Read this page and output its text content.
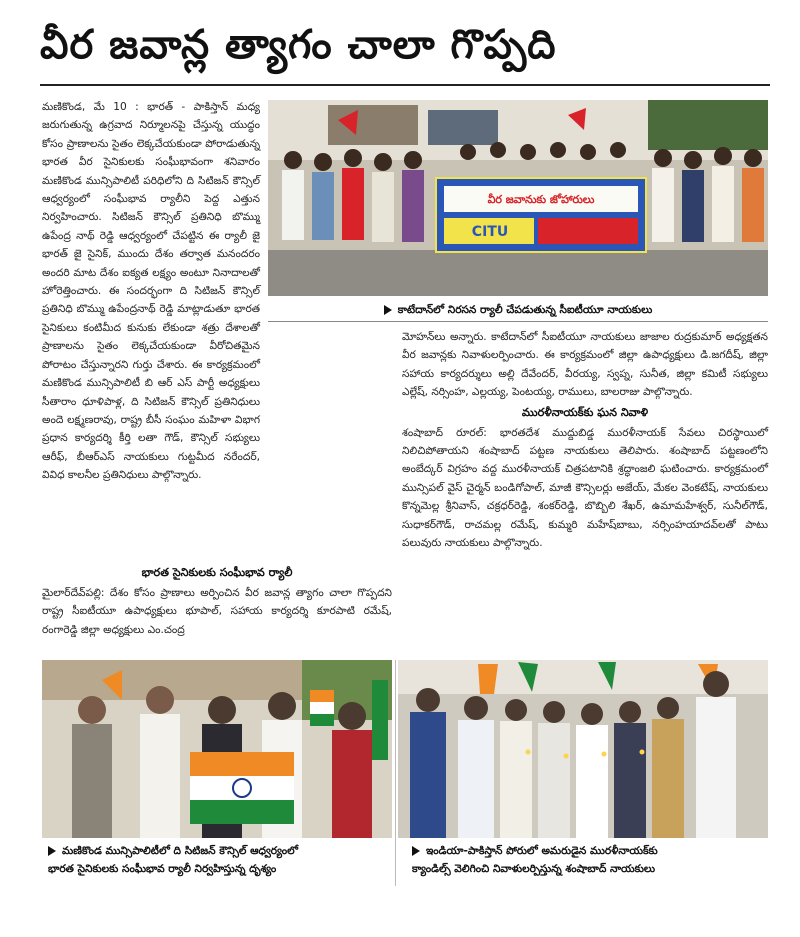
వీర జవాన్ల త్యాగం చాలా గొప్పది

మణికొండ, మే 10 : భారత్ - పాకిస్తాన్ మధ్య జరుగుతున్న ఉగ్రవాద నిర్మూలనపై చేస్తున్న యుద్ధం కోసం ప్రాణాలను సైతం లెక్కచేయకుండా పోరాడుతున్న భారత వీర సైనికులకు సంఘీభావంగా శనివారం మణికొండ మున్సిపాలిటీ పరిధిలోని ది సిటిజన్ కౌన్సిల్ ఆధ్వర్యంలో సంఘీభావ ర్యాలీని పెద్ద ఎత్తున నిర్వహించారు. సిటిజన్ కౌన్సిల్ ప్రతినిధి బొమ్ము ఉపేంద్ర నాథ్ రెడ్డి ఆధ్వర్యంలో చేపట్టిన ఈ ర్యాలీ జై భారత్ జై సైనిక్, ముందు దేశం తర్వాత మనందరం అందరి మాట దేశం ఐక్యత లక్ష్యం అంటూ నినాదాలతో హోరెత్తించారు. ఈ సందర్భంగా ది సిటిజన్ కౌన్సిల్ ప్రతినిధి బొమ్ము ఉపేంద్రనాథ్ రెడ్డి మాట్లాడుతూ భారత సైనికులు కంటిమీద కునుకు లేకుండా శత్రు దేశాలతో ప్రాణాలను సైతం లెక్కచేయకుండా వీరోచితమైన పోరాటం చేస్తున్నారని గుర్తు చేశారు. ఈ కార్యక్రమంలో మణికొండ మున్సిపాలిటీ బి ఆర్ ఎస్ పార్టీ అధ్యక్షులు సీతారాం ధూళిపాళ్ల, ది సిటిజన్ కౌన్సిల్ ప్రతినిధులు అందె లక్ష్మణరావు, రాష్ట్ర బీసీ సంఘం మహిళా విభాగ ప్రధాన కార్యదర్శి కీర్తి లతా గౌడ్, కౌన్సిల్ సభ్యులు ఆరీఫ్, బీఆర్ఎస్ నాయకులు గుట్టమీద నరేందర్, వివిధ కాలనీల ప్రతినిధులు పాల్గొన్నారు.

వీర జవానుకు జోహారులు
CITU
కాటేదాన్‌లో నిరసన ర్యాలీ చేపడుతున్న సీఐటీయూ నాయకులు
భారత సైనికులకు సంఘీభావ ర్యాలీ

మైలార్‌దేవ్‌పల్లి: దేశం కోసం ప్రాణాలు అర్పించిన వీర జవాన్ల త్యాగం చాలా గొప్పదని రాష్ట్ర సీఐటీయూ ఉపాధ్యక్షులు భూపాల్, సహాయ కార్యదర్శి కూరపాటి రమేష్, రంగారెడ్డి జిల్లా అధ్యక్షులు ఎం.చంద్ర

మోహన్‌లు అన్నారు. కాటేదాన్‌లో సీఐటీయూ నాయకులు జాజాల రుద్రకుమార్ అధ్యక్షతన వీర జవాన్లకు నివాళులర్పించారు. ఈ కార్యక్రమంలో జిల్లా ఉపాధ్యక్షులు డి.జగదీష్, జిల్లా సహాయ కార్యదర్శులు అల్లి దేవేందర్, వీరయ్య, స్వప్న, సునీత, జిల్లా కమిటీ సభ్యులు ఎల్లేష్, నర్సింహ, ఎల్లయ్య, పెంటయ్య, రాములు, బాలరాజు పాల్గొన్నారు.

మురళీనాయక్‌కు ఘన నివాళి

శంషాబాద్ రూరల్: భారతదేశ ముద్దుబిడ్డ మురళీనాయక్ సేవలు చిరస్థాయిలో నిలిచిపోతాయని శంషాబాద్ పట్టణ నాయకులు తెలిపారు. శంషాబాద్ పట్టణంలోని అంబేద్కర్ విగ్రహం వద్ద మురళీనాయక్ చిత్రపటానికి శ్రద్ధాంజలి ఘటించారు. కార్యక్రమంలో మున్సిపల్ వైస్ చైర్మన్ బండిగోపాల్, మాజీ కౌన్సిలర్లు అజేయ్, మేకల వెంకటేష్, నాయకులు కొన్నమెల్ల శ్రీనివాస్, చక్రధర్‌రెడ్డి, శంకర్‌రెడ్డి, బొబ్బిలి శేఖర్, ఉమామహేశ్వర్, సునీల్‌గౌడ్, సుధాకర్‌గౌడ్, రాచమల్ల రమేష్, కుమ్మరి మహేష్‌బాబు, నర్సింహయాదవ్‌లతో పాటు పలువురు నాయకులు పాల్గొన్నారు.

మణికొండ మున్సిపాలిటీలో ది సిటిజన్ కౌన్సిల్ ఆధ్వర్యంలో
భారత సైనికులకు సంఘీభావ ర్యాలీ నిర్వహిస్తున్న దృశ్యం
ఇండియా-పాకిస్తాన్ పోరులో అమరుడైన మురళీనాయక్‌కు
క్యాండిల్స్ వెలిగించి నివాళులర్పిస్తున్న శంషాబాద్ నాయకులు
